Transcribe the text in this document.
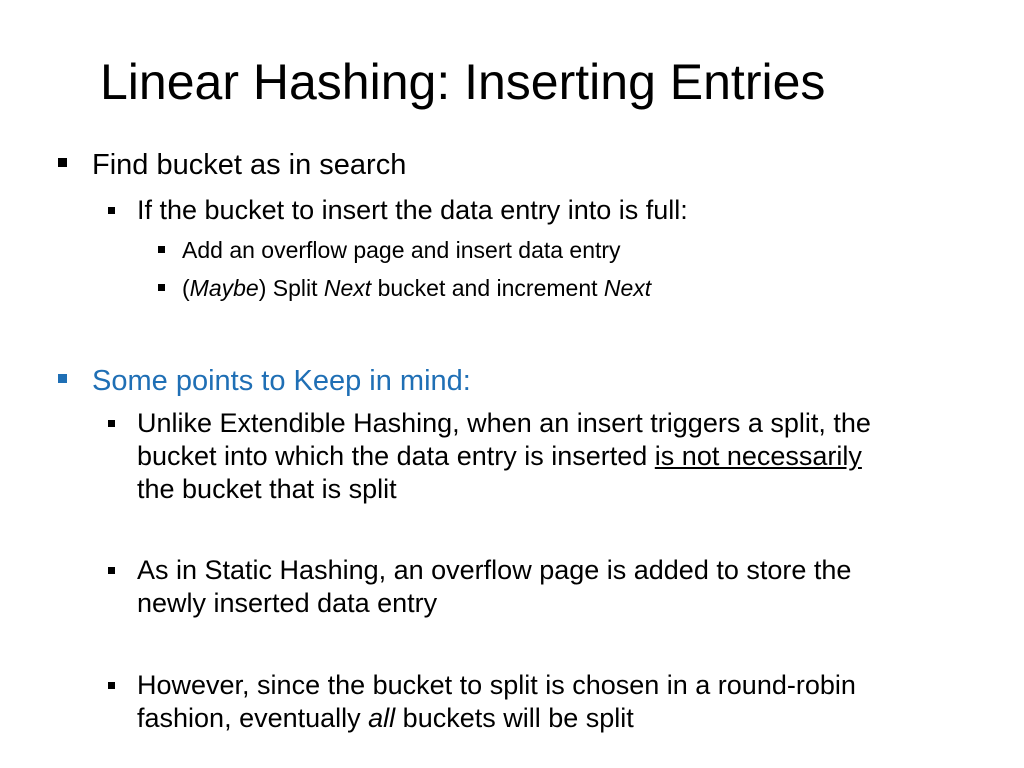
Linear Hashing: Inserting Entries
Find bucket as in search
If the bucket to insert the data entry into is full:
Add an overflow page and insert data entry
(Maybe) Split Next bucket and increment Next
Some points to Keep in mind:
Unlike Extendible Hashing, when an insert triggers a split, the
bucket into which the data entry is inserted is not necessarily
the bucket that is split
As in Static Hashing, an overflow page is added to store the
newly inserted data entry
However, since the bucket to split is chosen in a round-robin
fashion, eventually all buckets will be split
